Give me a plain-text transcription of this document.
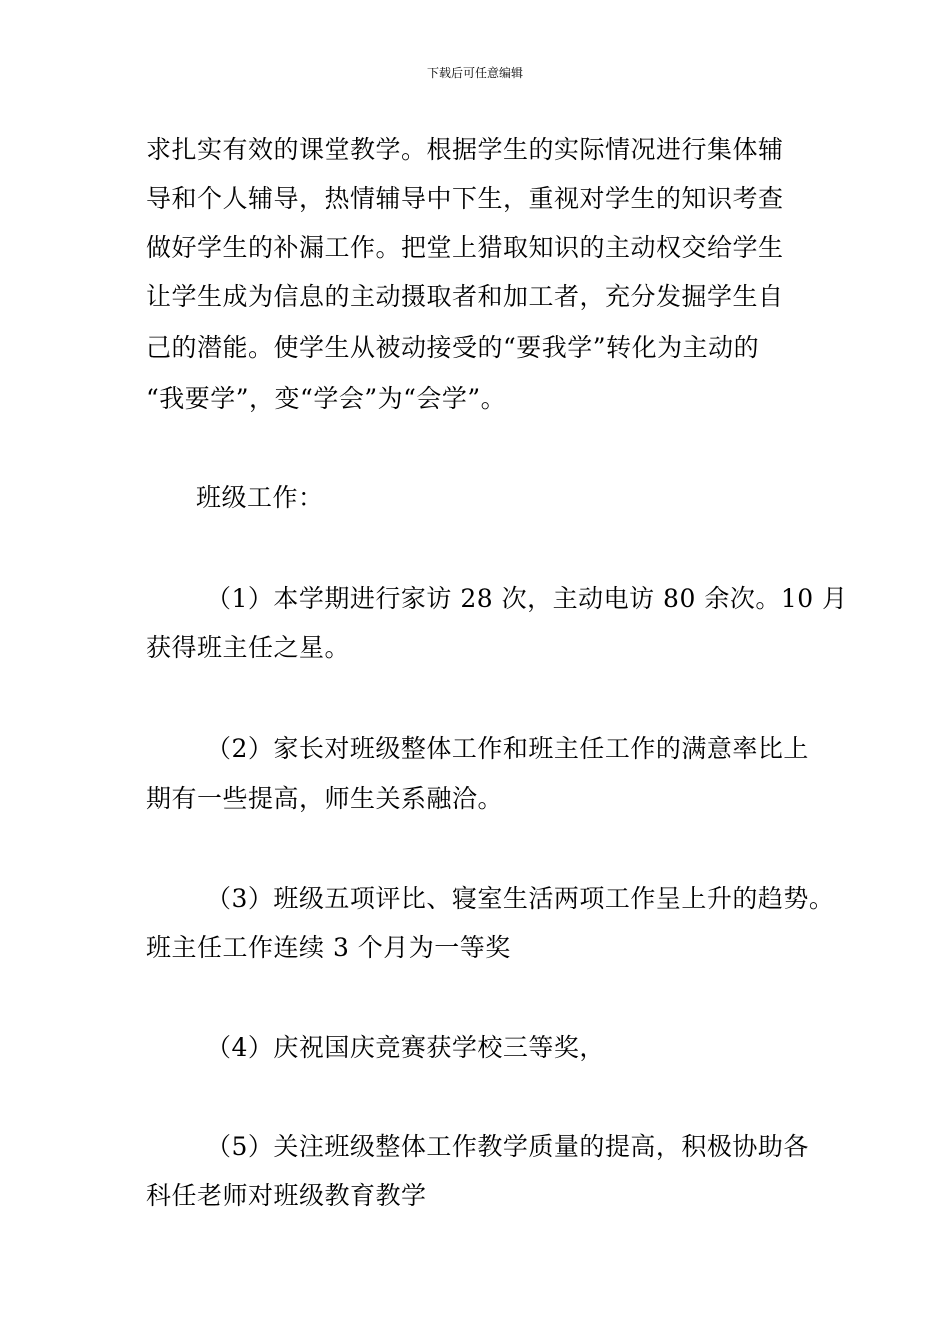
下载后可任意编辑
求扎实有效的课堂教学。根据学生的实际情况进行集体辅
导和个人辅导，热情辅导中下生，重视对学生的知识考查
做好学生的补漏工作。把堂上猎取知识的主动权交给学生
让学生成为信息的主动摄取者和加工者，充分发掘学生自
己的潜能。使学生从被动接受的“要我学”转化为主动的
“我要学”，变“学会”为“会学”。
班级工作：
（1）本学期进行家访 28 次，主动电访 80 余次。10 月
获得班主任之星。
（2）家长对班级整体工作和班主任工作的满意率比上
期有一些提高，师生关系融洽。
（3）班级五项评比、寝室生活两项工作呈上升的趋势。
班主任工作连续 3 个月为一等奖
（4）庆祝国庆竞赛获学校三等奖，
（5）关注班级整体工作教学质量的提高，积极协助各
科任老师对班级教育教学
